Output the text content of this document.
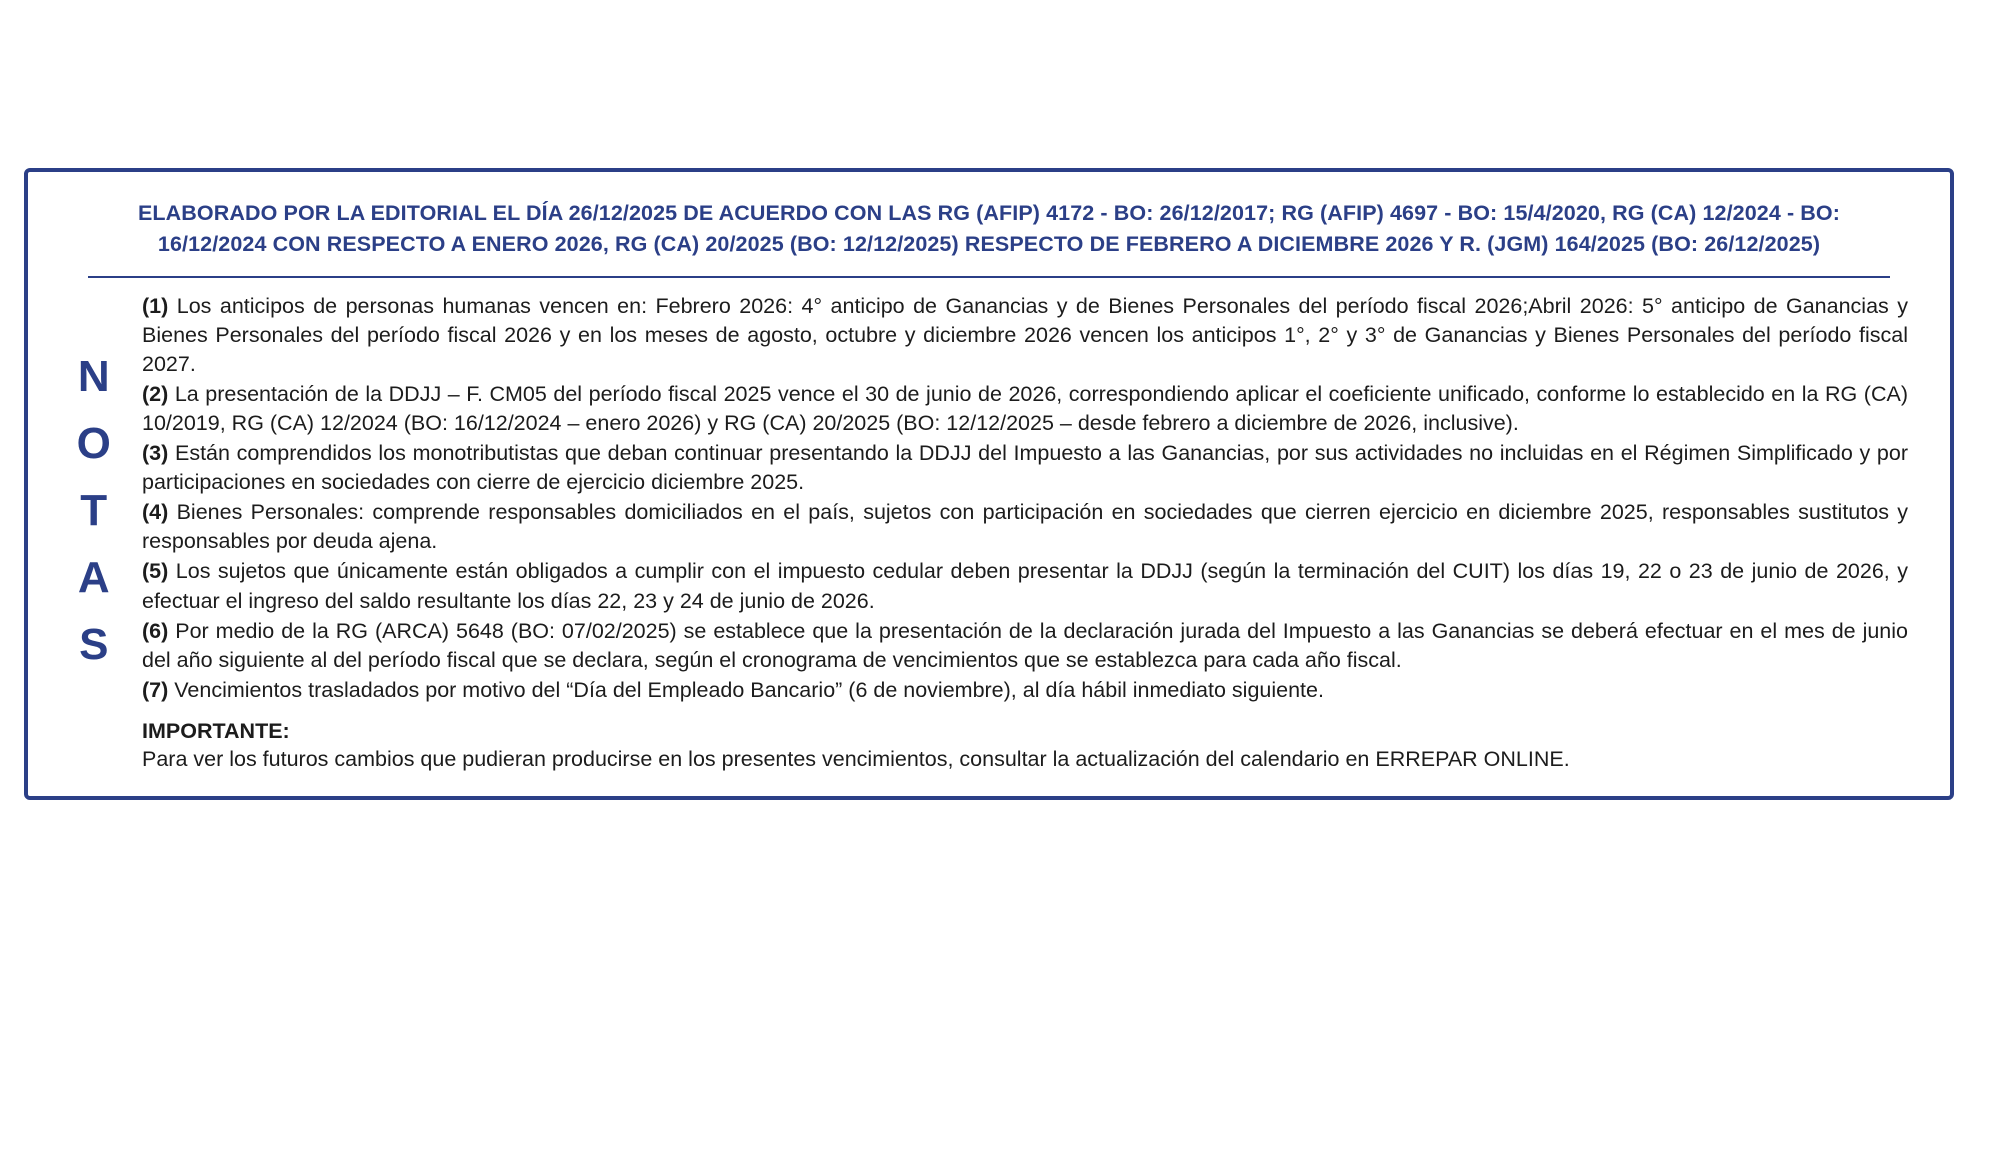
ELABORADO POR LA EDITORIAL EL DÍA 26/12/2025 DE ACUERDO CON LAS RG (AFIP) 4172 - BO: 26/12/2017; RG (AFIP) 4697 - BO: 15/4/2020, RG (CA) 12/2024 - BO: 16/12/2024 CON RESPECTO A ENERO 2026, RG (CA) 20/2025 (BO: 12/12/2025) RESPECTO DE FEBRERO A DICIEMBRE 2026 Y R. (JGM) 164/2025 (BO: 26/12/2025)
N
O
T
A
S

(1) Los anticipos de personas humanas vencen en: Febrero 2026: 4° anticipo de Ganancias y de Bienes Personales del período fiscal 2026;Abril 2026: 5° anticipo de Ganancias y Bienes Personales del período fiscal 2026 y en los meses de agosto, octubre y diciembre 2026 vencen los anticipos 1°, 2° y 3° de Ganancias y Bienes Personales del período fiscal 2027.

(2) La presentación de la DDJJ – F. CM05 del período fiscal 2025 vence el 30 de junio de 2026, correspondiendo aplicar el coeficiente unificado, conforme lo establecido en la RG (CA) 10/2019, RG (CA) 12/2024 (BO: 16/12/2024 – enero 2026) y RG (CA) 20/2025 (BO: 12/12/2025 – desde febrero a diciembre de 2026, inclusive).

(3) Están comprendidos los monotributistas que deban continuar presentando la DDJJ del Impuesto a las Ganancias, por sus actividades no incluidas en el Régimen Simplificado y por participaciones en sociedades con cierre de ejercicio diciembre 2025.

(4) Bienes Personales: comprende responsables domiciliados en el país, sujetos con participación en sociedades que cierren ejercicio en diciembre 2025, responsables sustitutos y responsables por deuda ajena.

(5) Los sujetos que únicamente están obligados a cumplir con el impuesto cedular deben presentar la DDJJ (según la terminación del CUIT) los días 19, 22 o 23 de junio de 2026, y efectuar el ingreso del saldo resultante los días 22, 23 y 24 de junio de 2026.

(6) Por medio de la RG (ARCA) 5648 (BO: 07/02/2025) se establece que la presentación de la declaración jurada del Impuesto a las Ganancias se deberá efectuar en el mes de junio del año siguiente al del período fiscal que se declara, según el cronograma de vencimientos que se establezca para cada año fiscal.

(7) Vencimientos trasladados por motivo del “Día del Empleado Bancario” (6 de noviembre), al día hábil inmediato siguiente.

IMPORTANTE:

Para ver los futuros cambios que pudieran producirse en los presentes vencimientos, consultar la actualización del calendario en ERREPAR ONLINE.
